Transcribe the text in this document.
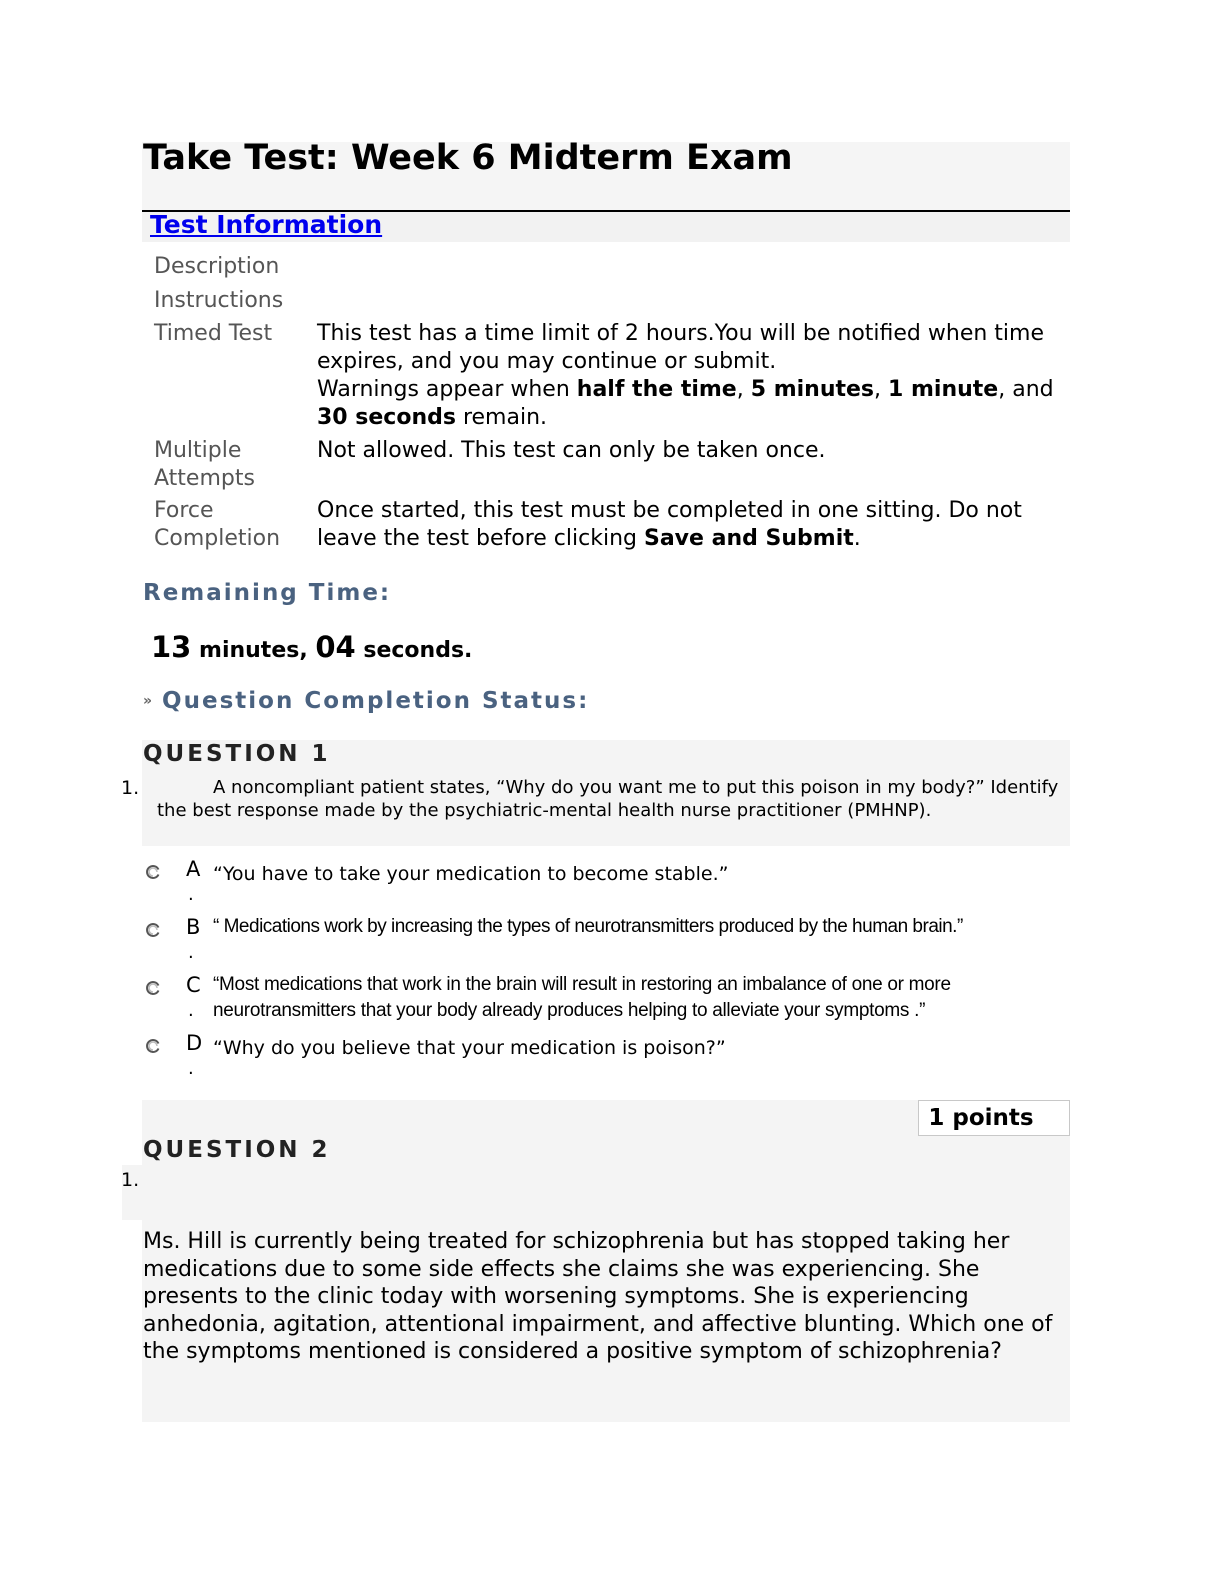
Take Test: Week 6 Midterm Exam
Test Information
Description
Instructions
Timed Test	This test has a time limit of 2 hours.You will be notified when time expires, and you may continue or submit.
Warnings appear when half the time, 5 minutes, 1 minute, and 30 seconds remain.
Multiple Attempts
Not allowed. This test can only be taken once.
Force Completion
Once started, this test must be completed in one sitting. Do not leave the test before clicking Save and Submit.
Remaining Time:
13 minutes, 04 seconds.
» Question Completion Status:
QUESTION 1
1.	A noncompliant patient states, “Why do you want me to put this poison in my body?” Identify the best response made by the psychiatric-mental health nurse practitioner (PMHNP).
A
.
“You have to take your medication to become stable.”
B
.
“ Medications work by increasing the types of neurotransmitters produced by the human brain.”
C
.
“Most medications that work in the brain will result in restoring an imbalance of one or more neurotransmitters that your body already produces helping to alleviate your symptoms .”
D
.
“Why do you believe that your medication is poison?”
1 points
QUESTION 2
1.
Ms. Hill is currently being treated for schizophrenia but has stopped taking her medications due to some side effects she claims she was experiencing. She presents to the clinic today with worsening symptoms. She is experiencing anhedonia, agitation, attentional impairment, and affective blunting. Which one of the symptoms mentioned is considered a positive symptom of schizophrenia?
